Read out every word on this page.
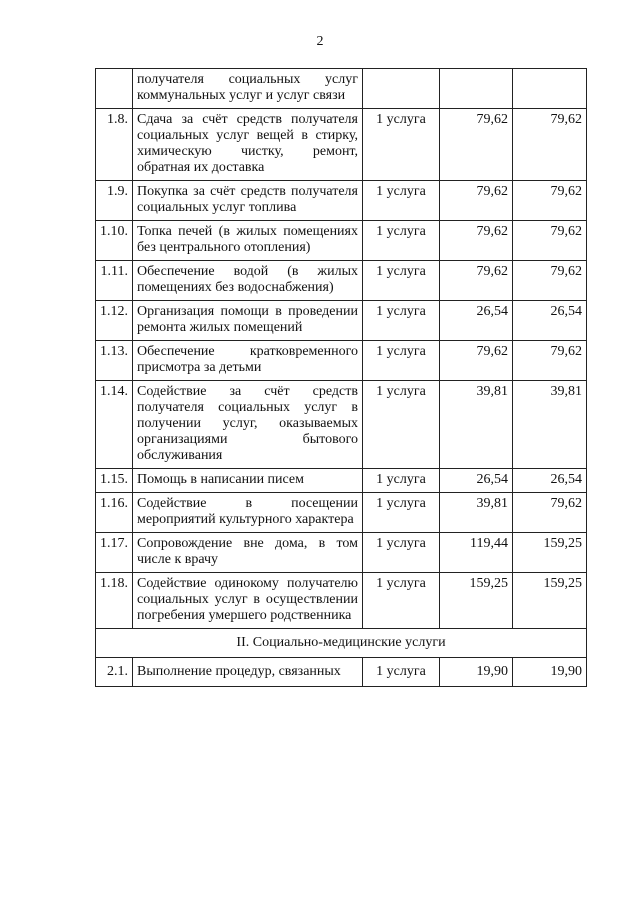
2
	получателя социальных услуг коммунальных услуг и услуг связи			
1.8.	Сдача за счёт средств получателя социальных услуг вещей в стирку, химическую чистку, ремонт, обратная их доставка	1 услуга	79,62	79,62
1.9.	Покупка за счёт средств получателя социальных услуг топлива	1 услуга	79,62	79,62
1.10.	Топка печей (в жилых помещениях без центрального отопления)	1 услуга	79,62	79,62
1.11.	Обеспечение водой (в жилых помещениях без водоснабжения)	1 услуга	79,62	79,62
1.12.	Организация помощи в проведении ремонта жилых помещений	1 услуга	26,54	26,54
1.13.	Обеспечение кратковременного присмотра за детьми	1 услуга	79,62	79,62
1.14.	Содействие за счёт средств получателя социальных услуг в получении услуг, оказываемых организациями бытового обслуживания	1 услуга	39,81	39,81
1.15.	Помощь в написании писем	1 услуга	26,54	26,54
1.16.	Содействие в посещении мероприятий культурного характера	1 услуга	39,81	79,62
1.17.	Сопровождение вне дома, в том числе к врачу	1 услуга	119,44	159,25
1.18.	Содействие одинокому получателю социальных услуг в осуществлении погребения умершего родственника	1 услуга	159,25	159,25
II. Социально-медицинские услуги				
2.1.	Выполнение процедур, связанных	1 услуга	19,90	19,90
